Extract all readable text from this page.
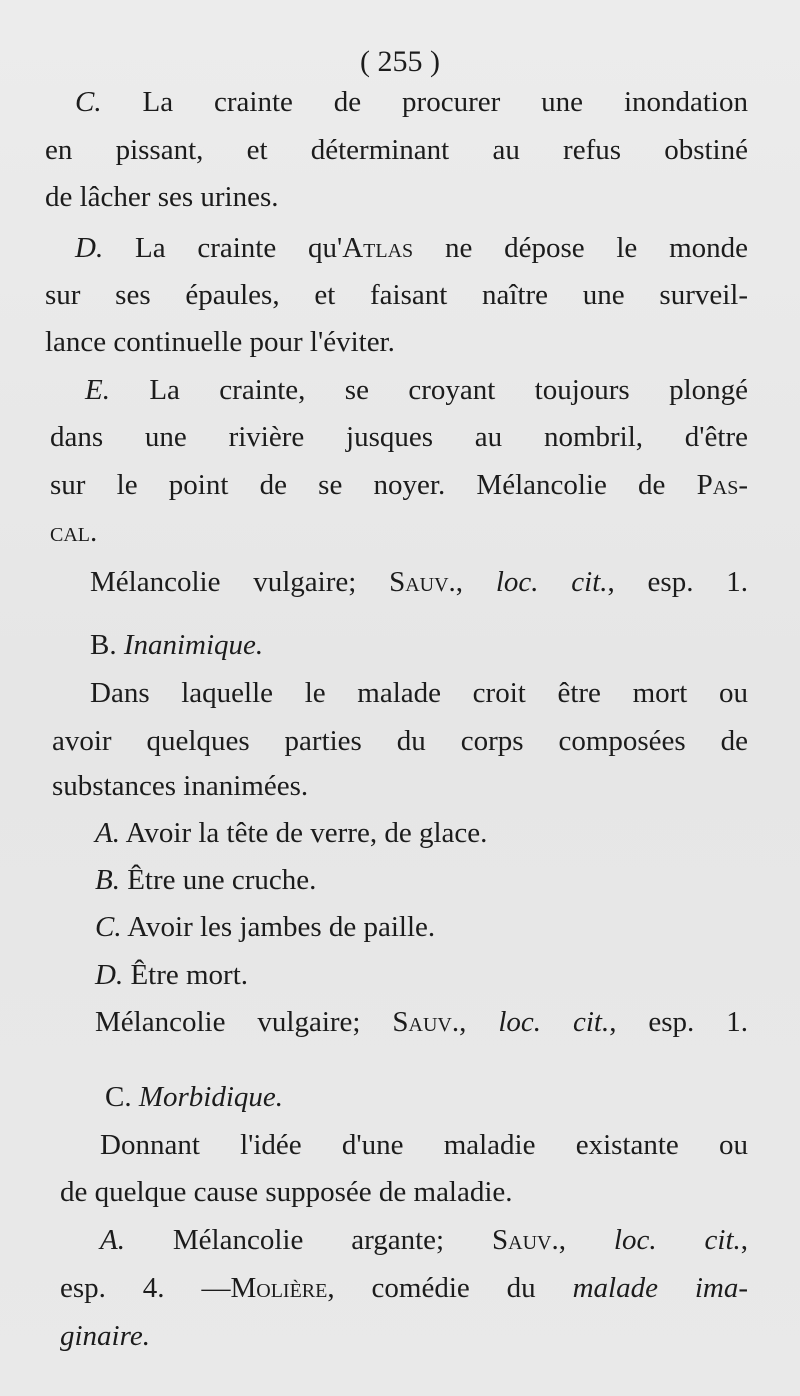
( 255 )
C. La crainte de procurer une inondation
en pissant, et déterminant au refus obstiné
de lâcher ses urines.
D. La crainte qu'Atlas ne dépose le monde
sur ses épaules, et faisant naître une surveil-
lance continuelle pour l'éviter.
E. La crainte, se croyant toujours plongé
dans une rivière jusques au nombril, d'être
sur le point de se noyer. Mélancolie de Pas-
cal.
Mélancolie vulgaire; Sauv., loc. cit., esp. 1.
B. Inanimique.
Dans laquelle le malade croit être mort ou
avoir quelques parties du corps composées de
substances inanimées.
A. Avoir la tête de verre, de glace.
B. Être une cruche.
C. Avoir les jambes de paille.
D. Être mort.
Mélancolie vulgaire; Sauv., loc. cit., esp. 1.
C. Morbidique.
Donnant l'idée d'une maladie existante ou
de quelque cause supposée de maladie.
A. Mélancolie argante; Sauv., loc. cit.,
esp. 4. —Molière, comédie du malade ima-
ginaire.
